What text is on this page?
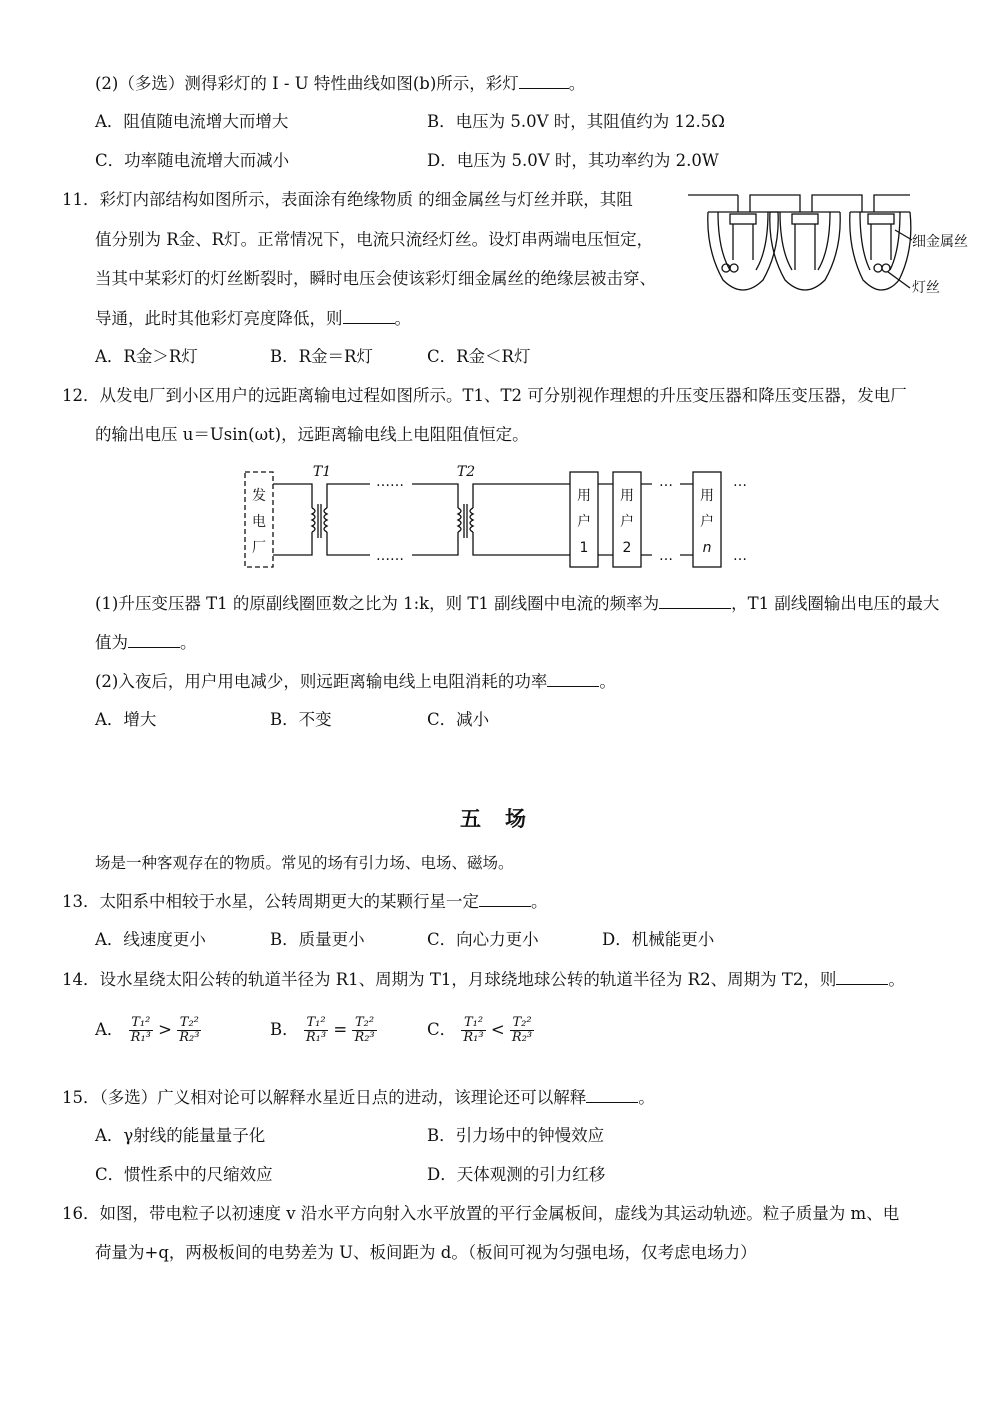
(2)（多选）测得彩灯的 I - U 特性曲线如图(b)所示，彩灯	。
A．阻值随电流增大而增大	B．电压为 5.0V 时，其阻值约为 12.5Ω
C．功率随电流增大而减小	D．电压为 5.0V 时，其功率约为 2.0W
11．彩灯内部结构如图所示，表面涂有绝缘物质 的细金属丝与灯丝并联，其阻
值分别为 R金、R灯。正常情况下，电流只流经灯丝。设灯串两端电压恒定，
当其中某彩灯的灯丝断裂时，瞬时电压会使该彩灯细金属丝的绝缘层被击穿、
导通，此时其他彩灯亮度降低，则	。
A．R金＞R灯	B．R金＝R灯	C．R金＜R灯
细金属丝
灯丝
12．从发电厂到小区用户的远距离输电过程如图所示。T1、T2 可分别视作理想的升压变压器和降压变压器，发电厂
的输出电压 u＝Usin(ωt)，远距离输电线上电阻阻值恒定。
发
电
厂
T1	T2
……
……
用
户
1
用
户
2
用
户
n
…
…
…
…
(1)升压变压器 T1 的原副线圈匝数之比为 1:k，则 T1 副线圈中电流的频率为	，T1 副线圈输出电压的最大
值为	。
(2)入夜后，用户用电减少，则远距离输电线上电阻消耗的功率	。
A．增大	B．不变	C．减小
五场
场是一种客观存在的物质。常见的场有引力场、电场、磁场。
13．太阳系中相较于水星，公转周期更大的某颗行星一定	。
A．线速度更小	B．质量更小	C．向心力更小	D．机械能更小
14．设水星绕太阳公转的轨道半径为 R1、周期为 T1，月球绕地球公转的轨道半径为 R2、周期为 T2，则	。
A． $\frac{\text{T₁²}}{\text{R₁³}} > \frac{\text{T₂²}}{\text{R₂³}}$	B． $\frac{\text{T₁²}}{\text{R₁³}} = \frac{\text{T₂²}}{\text{R₂³}}$	C． $\frac{\text{T₁²}}{\text{R₁³}} < \frac{\text{T₂²}}{\text{R₂³}}$
15．（多选）广义相对论可以解释水星近日点的进动，该理论还可以解释	。
A．γ射线的能量量子化	B．引力场中的钟慢效应
C．惯性系中的尺缩效应	D．天体观测的引力红移
16．如图，带电粒子以初速度 v 沿水平方向射入水平放置的平行金属板间，虚线为其运动轨迹。粒子质量为 m、电
荷量为+q，两极板间的电势差为 U、板间距为 d。（板间可视为匀强电场，仅考虑电场力）
